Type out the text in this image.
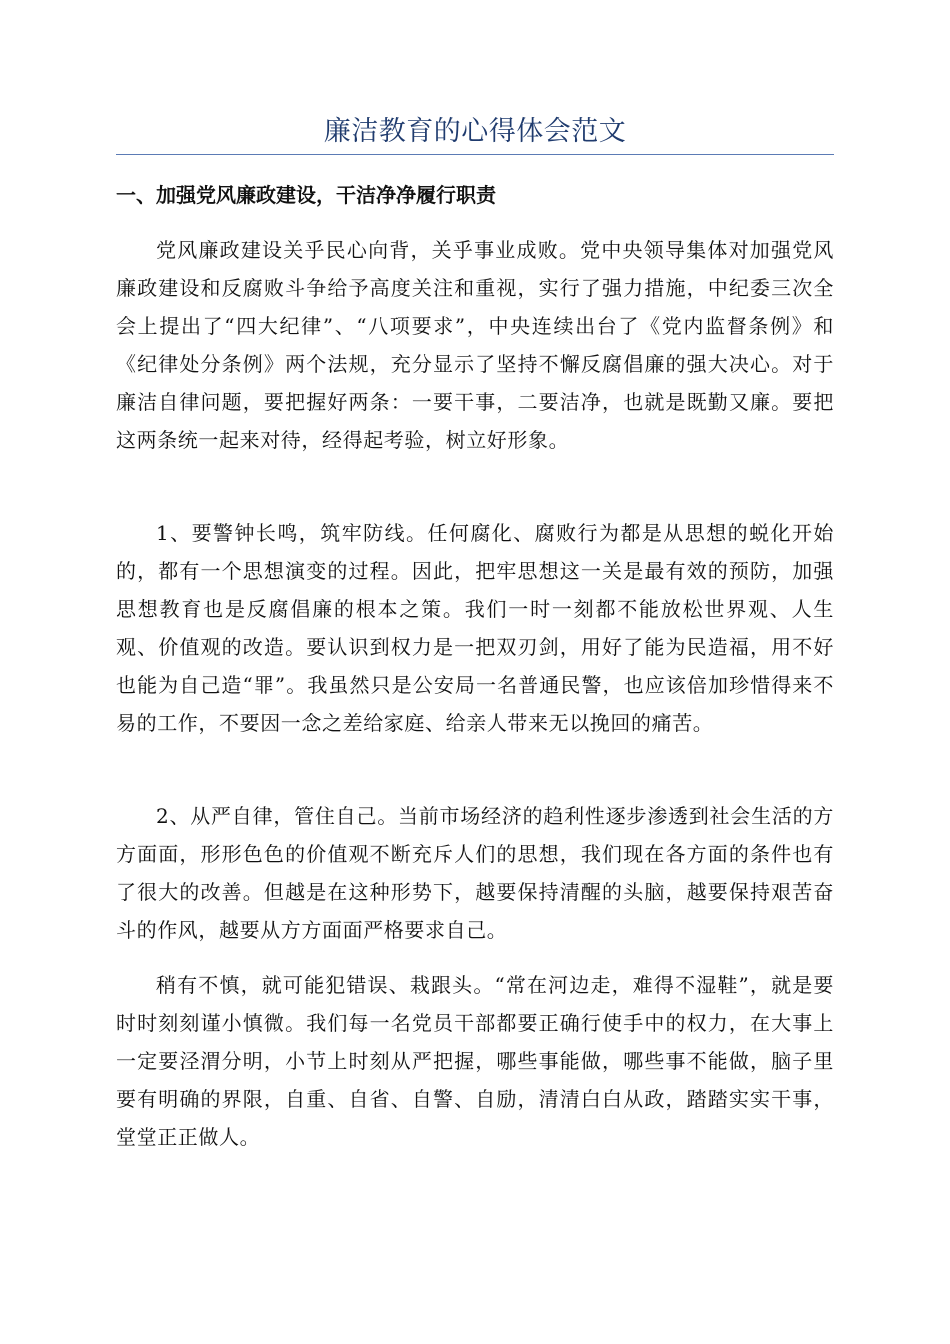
廉洁教育的心得体会范文
一、加强党风廉政建设，干洁净净履行职责

党风廉政建设关乎民心向背，关乎事业成败。党中央领导集体对加强党风廉政建设和反腐败斗争给予高度关注和重视，实行了强力措施，中纪委三次全会上提出了“四大纪律”、“八项要求”，中央连续出台了《党内监督条例》和《纪律处分条例》两个法规，充分显示了坚持不懈反腐倡廉的强大决心。对于廉洁自律问题，要把握好两条：一要干事，二要洁净，也就是既勤又廉。要把这两条统一起来对待，经得起考验，树立好形象。

1、要警钟长鸣，筑牢防线。任何腐化、腐败行为都是从思想的蜕化开始的，都有一个思想演变的过程。因此，把牢思想这一关是最有效的预防，加强思想教育也是反腐倡廉的根本之策。我们一时一刻都不能放松世界观、人生观、价值观的改造。要认识到权力是一把双刃剑，用好了能为民造福，用不好也能为自己造“罪”。我虽然只是公安局一名普通民警，也应该倍加珍惜得来不易的工作，不要因一念之差给家庭、给亲人带来无以挽回的痛苦。

2、从严自律，管住自己。当前市场经济的趋利性逐步渗透到社会生活的方方面面，形形色色的价值观不断充斥人们的思想，我们现在各方面的条件也有了很大的改善。但越是在这种形势下，越要保持清醒的头脑，越要保持艰苦奋斗的作风，越要从方方面面严格要求自己。

稍有不慎，就可能犯错误、栽跟头。“常在河边走，难得不湿鞋”，就是要时时刻刻谨小慎微。我们每一名党员干部都要正确行使手中的权力，在大事上一定要泾渭分明，小节上时刻从严把握，哪些事能做，哪些事不能做，脑子里要有明确的界限，自重、自省、自警、自励，清清白白从政，踏踏实实干事，堂堂正正做人。
